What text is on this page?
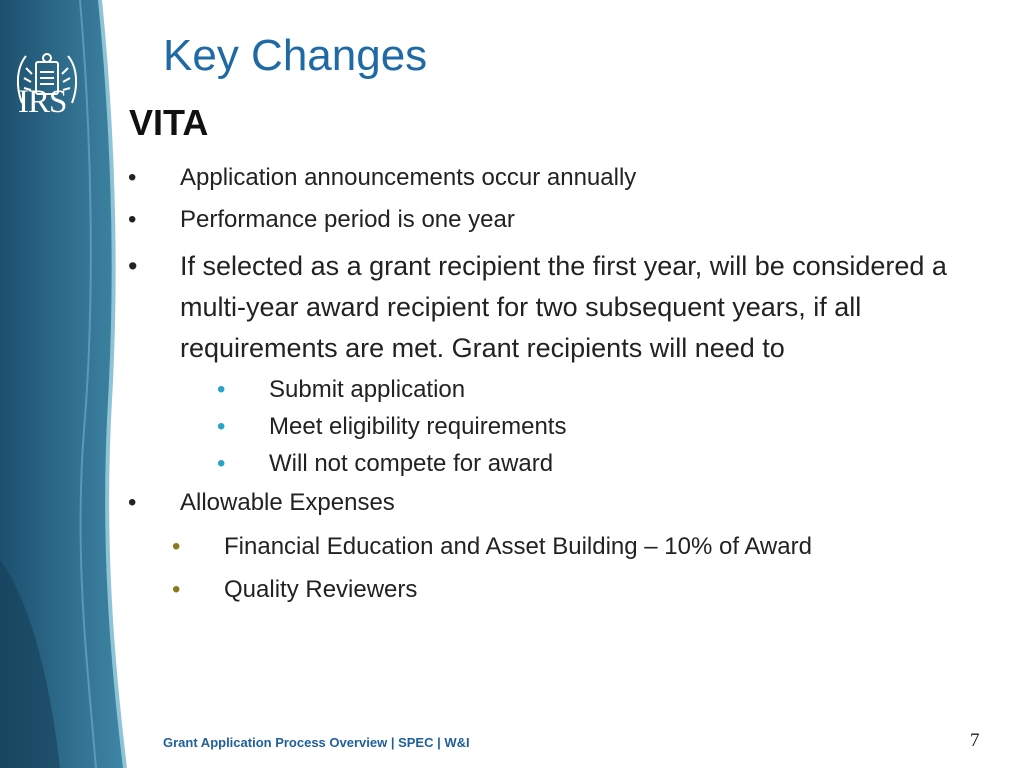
IRS
Key Changes
VITA
• Application announcements occur annually
• Performance period is one year
• If selected as a grant recipient the first year, will be considered a multi-year award recipient for two subsequent years, if all requirements are met. Grant recipients will need to
• Submit application
• Meet eligibility requirements
• Will not compete for award
• Allowable Expenses
• Financial Education and Asset Building – 10% of Award
• Quality Reviewers
Grant Application Process Overview | SPEC | W&I	7
